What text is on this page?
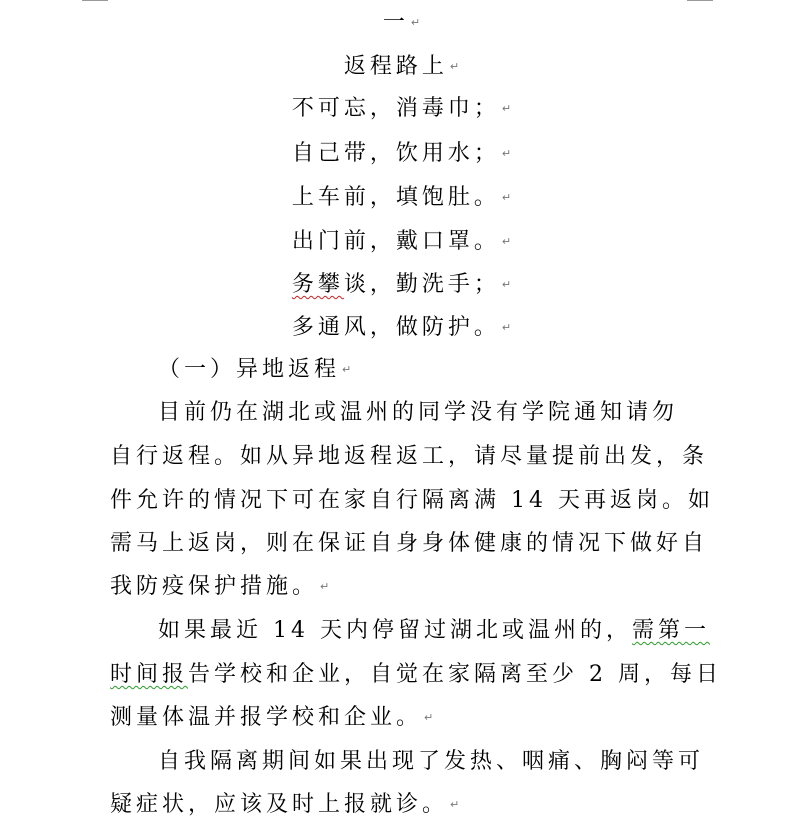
一 ↵
返程路上 ↵
不可忘，消毒巾； ↵
自己带，饮用水； ↵
上车前，填饱肚。 ↵
出门前，戴口罩。 ↵
务攀谈，勤洗手； ↵
多通风，做防护。 ↵
（一）异地返程 ↵
目前仍在湖北或温州的同学没有学院通知请勿
自行返程。如从异地返程返工，请尽量提前出发，条
件允许的情况下可在家自行隔离满 14 天再返岗。如
需马上返岗，则在保证自身身体健康的情况下做好自
我防疫保护措施。 ↵
如果最近 14 天内停留过湖北或温州的，需第一
时间报告学校和企业，自觉在家隔离至少 2 周，每日
测量体温并报学校和企业。 ↵
自我隔离期间如果出现了发热、咽痛、胸闷等可
疑症状，应该及时上报就诊。 ↵
